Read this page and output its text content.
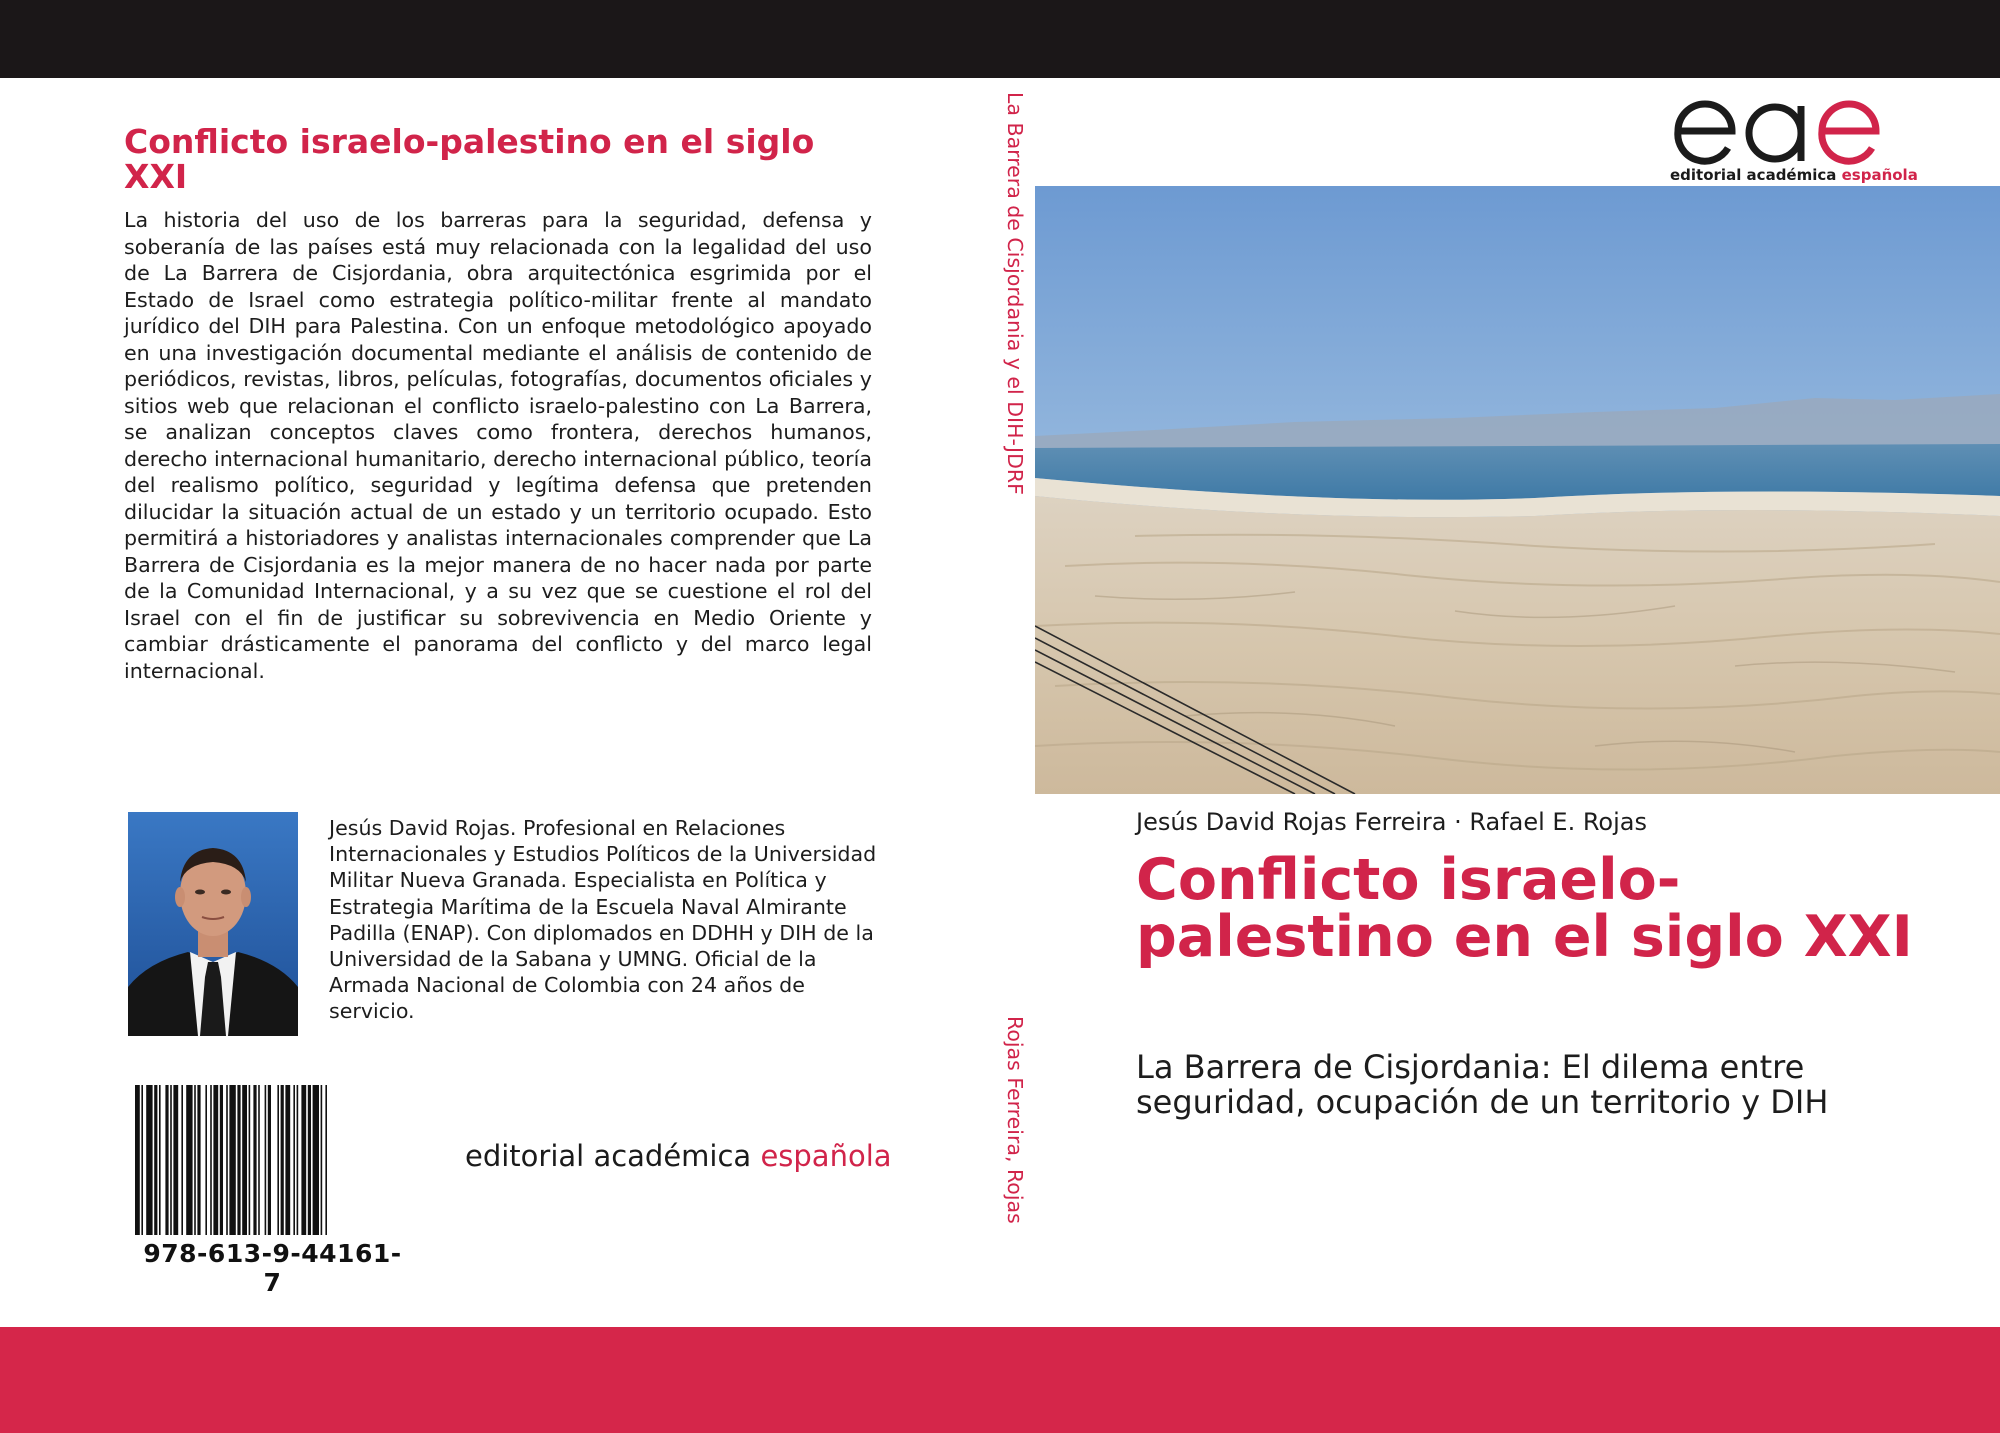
Conflicto israelo-palestino en el siglo XXI

La historia del uso de los barreras para la seguridad, defensa y soberanía de las países está muy relacionada con la legalidad del uso de La Barrera de Cisjordania, obra arquitectónica esgrimida por el Estado de Israel como estrategia político-militar frente al mandato jurídico del DIH para Palestina. Con un enfoque metodológico apoyado en una investigación documental mediante el análisis de contenido de periódicos, revistas, libros, películas, fotografías, documentos oficiales y sitios web que relacionan el conflicto israelo-palestino con La Barrera, se analizan conceptos claves como frontera, derechos humanos, derecho internacional humanitario, derecho internacional público, teoría del realismo político, seguridad y legítima defensa que pretenden dilucidar la situación actual de un estado y un territorio ocupado. Esto permitirá a historiadores y analistas internacionales comprender que La Barrera de Cisjordania es la mejor manera de no hacer nada por parte de la Comunidad Internacional, y a su vez que se cuestione el rol del Israel con el fin de justificar su sobrevivencia en Medio Oriente y cambiar drásticamente el panorama del conflicto y del marco legal internacional.

Jesús David Rojas. Profesional en Relaciones Internacionales y Estudios Políticos de la Universidad Militar Nueva Granada. Especialista en Política y Estrategia Marítima de la Escuela Naval Almirante Padilla (ENAP). Con diplomados en DDHH y DIH de la Universidad de la Sabana y UMNG. Oficial de la Armada Nacional de Colombia con 24 años de servicio.

978-613-9-44161-7
editorial académica española
La Barrera de Cisjordania y el DIH-JDRF
Rojas Ferreira, Rojas
editorial académica española
Jesús David Rojas Ferreira · Rafael E. Rojas
Conflicto israelo-palestino en el siglo XXI

La Barrera de Cisjordania: El dilema entre seguridad, ocupación de un territorio y DIH
